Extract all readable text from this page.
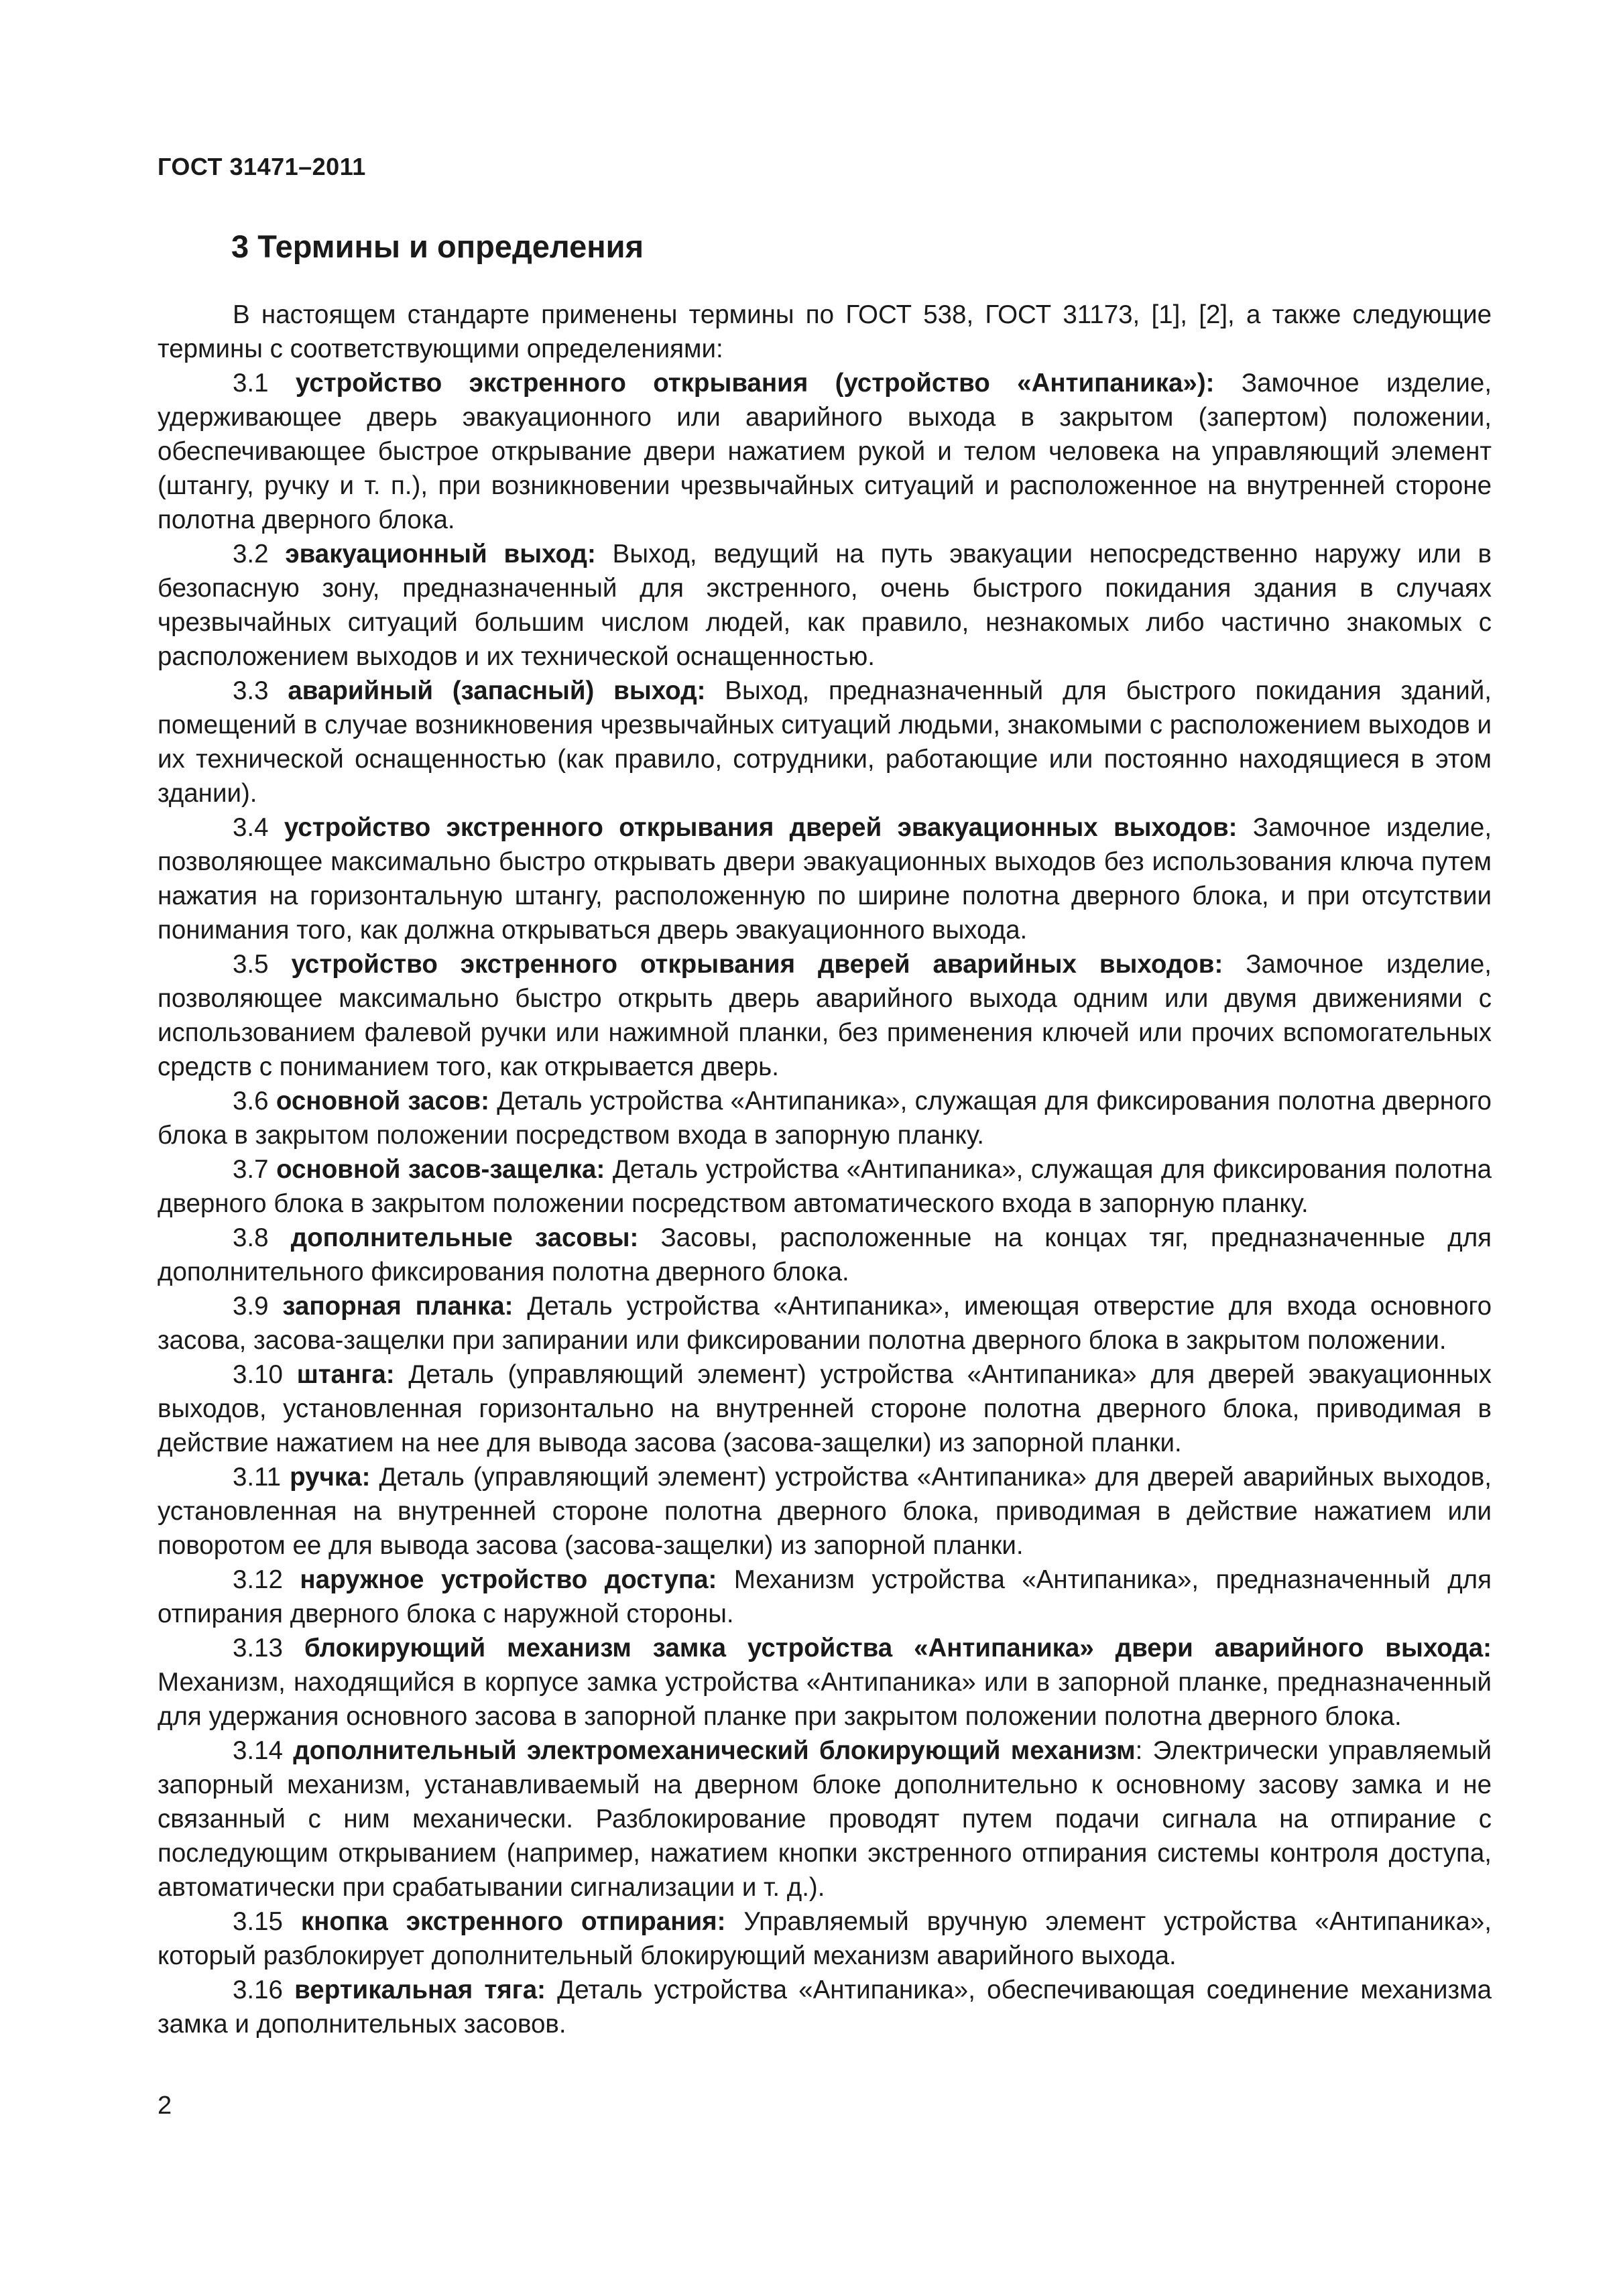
ГОСТ 31471–2011
3 Термины и определения

В настоящем стандарте применены термины по ГОСТ 538, ГОСТ 31173, [1], [2], а также следующие термины с соответствующими определениями:

3.1 устройство экстренного открывания (устройство «Антипаника»): Замочное изделие, удерживающее дверь эвакуационного или аварийного выхода в закрытом (запертом) положении, обеспечивающее быстрое открывание двери нажатием рукой и телом человека на управляющий элемент (штангу, ручку и т. п.), при возникновении чрезвычайных ситуаций и расположенное на внутренней стороне полотна дверного блока.

3.2 эвакуационный выход: Выход, ведущий на путь эвакуации непосредственно наружу или в безопасную зону, предназначенный для экстренного, очень быстрого покидания здания в случаях чрезвычайных ситуаций большим числом людей, как правило, незнакомых либо частично знакомых с расположением выходов и их технической оснащенностью.

3.3 аварийный (запасный) выход: Выход, предназначенный для быстрого покидания зданий, помещений в случае возникновения чрезвычайных ситуаций людьми, знакомыми с расположением выходов и их технической оснащенностью (как правило, сотрудники, работающие или постоянно находящиеся в этом здании).

3.4 устройство экстренного открывания дверей эвакуационных выходов: Замочное изделие, позволяющее максимально быстро открывать двери эвакуационных выходов без использования ключа путем нажатия на горизонтальную штангу, расположенную по ширине полотна дверного блока, и при отсутствии понимания того, как должна открываться дверь эвакуационного выхода.

3.5 устройство экстренного открывания дверей аварийных выходов: Замочное изделие, позволяющее максимально быстро открыть дверь аварийного выхода одним или двумя движениями с использованием фалевой ручки или нажимной планки, без применения ключей или прочих вспомогательных средств с пониманием того, как открывается дверь.

3.6 основной засов: Деталь устройства «Антипаника», служащая для фиксирования полотна дверного блока в закрытом положении посредством входа в запорную планку.

3.7 основной засов-защелка: Деталь устройства «Антипаника», служащая для фиксирования полотна дверного блока в закрытом положении посредством автоматического входа в запорную планку.

3.8 дополнительные засовы: Засовы, расположенные на концах тяг, предназначенные для дополнительного фиксирования полотна дверного блока.

3.9 запорная планка: Деталь устройства «Антипаника», имеющая отверстие для входа основного засова, засова-защелки при запирании или фиксировании полотна дверного блока в закрытом положении.

3.10 штанга: Деталь (управляющий элемент) устройства «Антипаника» для дверей эвакуационных выходов, установленная горизонтально на внутренней стороне полотна дверного блока, приводимая в действие нажатием на нее для вывода засова (засова-защелки) из запорной планки.

3.11 ручка: Деталь (управляющий элемент) устройства «Антипаника» для дверей аварийных выходов, установленная на внутренней стороне полотна дверного блока, приводимая в действие нажатием или поворотом ее для вывода засова (засова-защелки) из запорной планки.

3.12 наружное устройство доступа: Механизм устройства «Антипаника», предназначенный для отпирания дверного блока с наружной стороны.

3.13 блокирующий механизм замка устройства «Антипаника» двери аварийного выхода: Механизм, находящийся в корпусе замка устройства «Антипаника» или в запорной планке, предназначенный для удержания основного засова в запорной планке при закрытом положении полотна дверного блока.

3.14 дополнительный электромеханический блокирующий механизм: Электрически управляемый запорный механизм, устанавливаемый на дверном блоке дополнительно к основному засову замка и не связанный с ним механически. Разблокирование проводят путем подачи сигнала на отпирание с последующим открыванием (например, нажатием кнопки экстренного отпирания системы контроля доступа, автоматически при срабатывании сигнализации и т. д.).

3.15 кнопка экстренного отпирания: Управляемый вручную элемент устройства «Антипаника», который разблокирует дополнительный блокирующий механизм аварийного выхода.

3.16 вертикальная тяга: Деталь устройства «Антипаника», обеспечивающая соединение механизма замка и дополнительных засовов.

2
